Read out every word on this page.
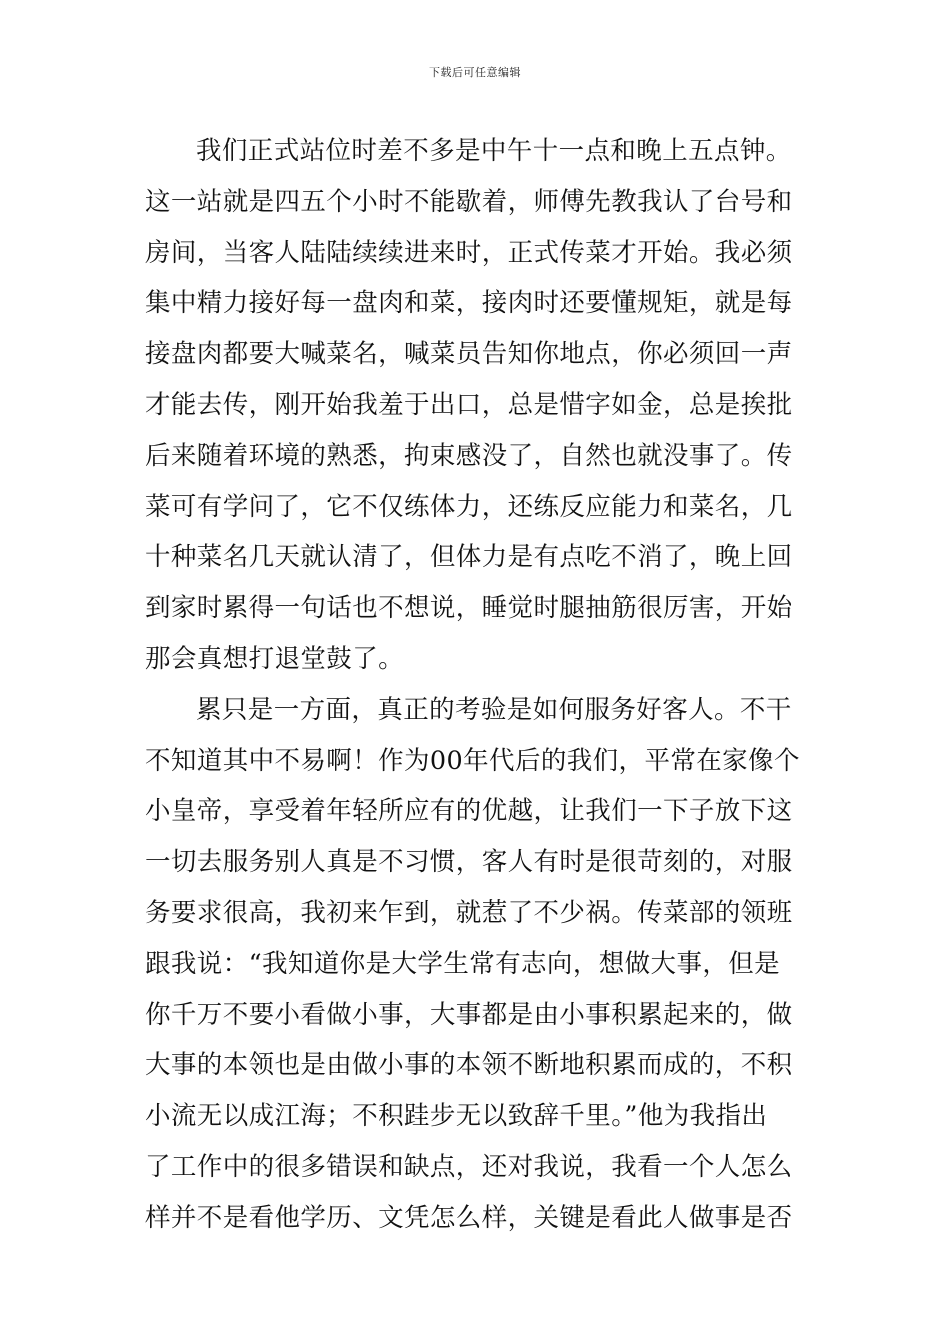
下载后可任意编辑
我们正式站位时差不多是中午十一点和晚上五点钟。
这一站就是四五个小时不能歇着，师傅先教我认了台号和
房间，当客人陆陆续续进来时，正式传菜才开始。我必须
集中精力接好每一盘肉和菜，接肉时还要懂规矩，就是每
接盘肉都要大喊菜名，喊菜员告知你地点，你必须回一声
才能去传，刚开始我羞于出口，总是惜字如金，总是挨批
后来随着环境的熟悉，拘束感没了，自然也就没事了。传
菜可有学问了，它不仅练体力，还练反应能力和菜名，几
十种菜名几天就认清了，但体力是有点吃不消了，晚上回
到家时累得一句话也不想说，睡觉时腿抽筋很厉害，开始
那会真想打退堂鼓了。
累只是一方面，真正的考验是如何服务好客人。不干
不知道其中不易啊！作为00年代后的我们，平常在家像个
小皇帝，享受着年轻所应有的优越，让我们一下子放下这
一切去服务别人真是不习惯，客人有时是很苛刻的，对服
务要求很高，我初来乍到，就惹了不少祸。传菜部的领班
跟我说：“我知道你是大学生常有志向，想做大事，但是
你千万不要小看做小事，大事都是由小事积累起来的，做
大事的本领也是由做小事的本领不断地积累而成的，不积
小流无以成江海；不积跬步无以致辞千里。”他为我指出
了工作中的很多错误和缺点，还对我说，我看一个人怎么
样并不是看他学历、文凭怎么样，关键是看此人做事是否
